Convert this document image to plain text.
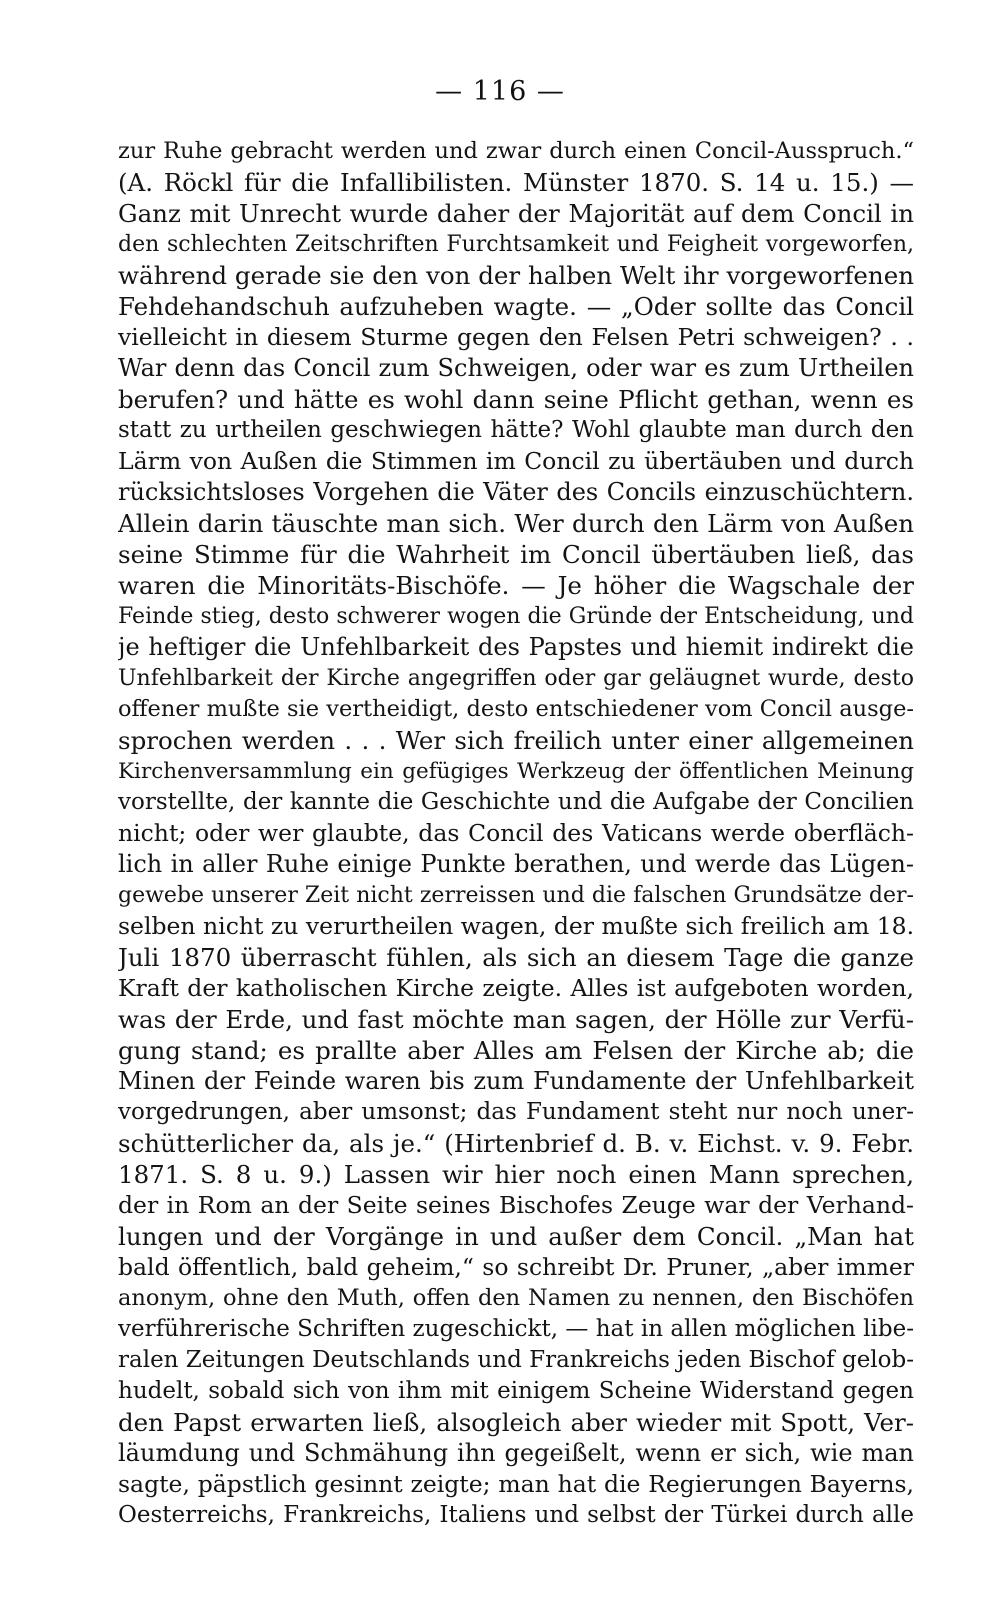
— 116 —
zur Ruhe gebracht werden und zwar durch einen Concil-Ausspruch.“
(A. Röckl für die Infallibilisten. Münster 1870. S. 14 u. 15.) —
Ganz mit Unrecht wurde daher der Majorität auf dem Concil in
den schlechten Zeitschriften Furchtsamkeit und Feigheit vorgeworfen,
während gerade sie den von der halben Welt ihr vorgeworfenen
Fehdehandschuh aufzuheben wagte. — „Oder sollte das Concil
vielleicht in diesem Sturme gegen den Felsen Petri schweigen? . .
War denn das Concil zum Schweigen, oder war es zum Urtheilen
berufen? und hätte es wohl dann seine Pflicht gethan, wenn es
statt zu urtheilen geschwiegen hätte? Wohl glaubte man durch den
Lärm von Außen die Stimmen im Concil zu übertäuben und durch
rücksichtsloses Vorgehen die Väter des Concils einzuschüchtern.
Allein darin täuschte man sich. Wer durch den Lärm von Außen
seine Stimme für die Wahrheit im Concil übertäuben ließ, das
waren die Minoritäts-Bischöfe. — Je höher die Wagschale der
Feinde stieg, desto schwerer wogen die Gründe der Entscheidung, und
je heftiger die Unfehlbarkeit des Papstes und hiemit indirekt die
Unfehlbarkeit der Kirche angegriffen oder gar geläugnet wurde, desto
offener mußte sie vertheidigt, desto entschiedener vom Concil ausge-
sprochen werden . . . Wer sich freilich unter einer allgemeinen
Kirchenversammlung ein gefügiges Werkzeug der öffentlichen Meinung
vorstellte, der kannte die Geschichte und die Aufgabe der Concilien
nicht; oder wer glaubte, das Concil des Vaticans werde oberfläch-
lich in aller Ruhe einige Punkte berathen, und werde das Lügen-
gewebe unserer Zeit nicht zerreissen und die falschen Grundsätze der-
selben nicht zu verurtheilen wagen, der mußte sich freilich am 18.
Juli 1870 überrascht fühlen, als sich an diesem Tage die ganze
Kraft der katholischen Kirche zeigte. Alles ist aufgeboten worden,
was der Erde, und fast möchte man sagen, der Hölle zur Verfü-
gung stand; es prallte aber Alles am Felsen der Kirche ab; die
Minen der Feinde waren bis zum Fundamente der Unfehlbarkeit
vorgedrungen, aber umsonst; das Fundament steht nur noch uner-
schütterlicher da, als je.“ (Hirtenbrief d. B. v. Eichst. v. 9. Febr.
1871. S. 8 u. 9.) Lassen wir hier noch einen Mann sprechen,
der in Rom an der Seite seines Bischofes Zeuge war der Verhand-
lungen und der Vorgänge in und außer dem Concil. „Man hat
bald öffentlich, bald geheim,“ so schreibt Dr. Pruner, „aber immer
anonym, ohne den Muth, offen den Namen zu nennen, den Bischöfen
verführerische Schriften zugeschickt, — hat in allen möglichen libe-
ralen Zeitungen Deutschlands und Frankreichs jeden Bischof gelob-
hudelt, sobald sich von ihm mit einigem Scheine Widerstand gegen
den Papst erwarten ließ, alsogleich aber wieder mit Spott, Ver-
läumdung und Schmähung ihn gegeißelt, wenn er sich, wie man
sagte, päpstlich gesinnt zeigte; man hat die Regierungen Bayerns,
Oesterreichs, Frankreichs, Italiens und selbst der Türkei durch alle
